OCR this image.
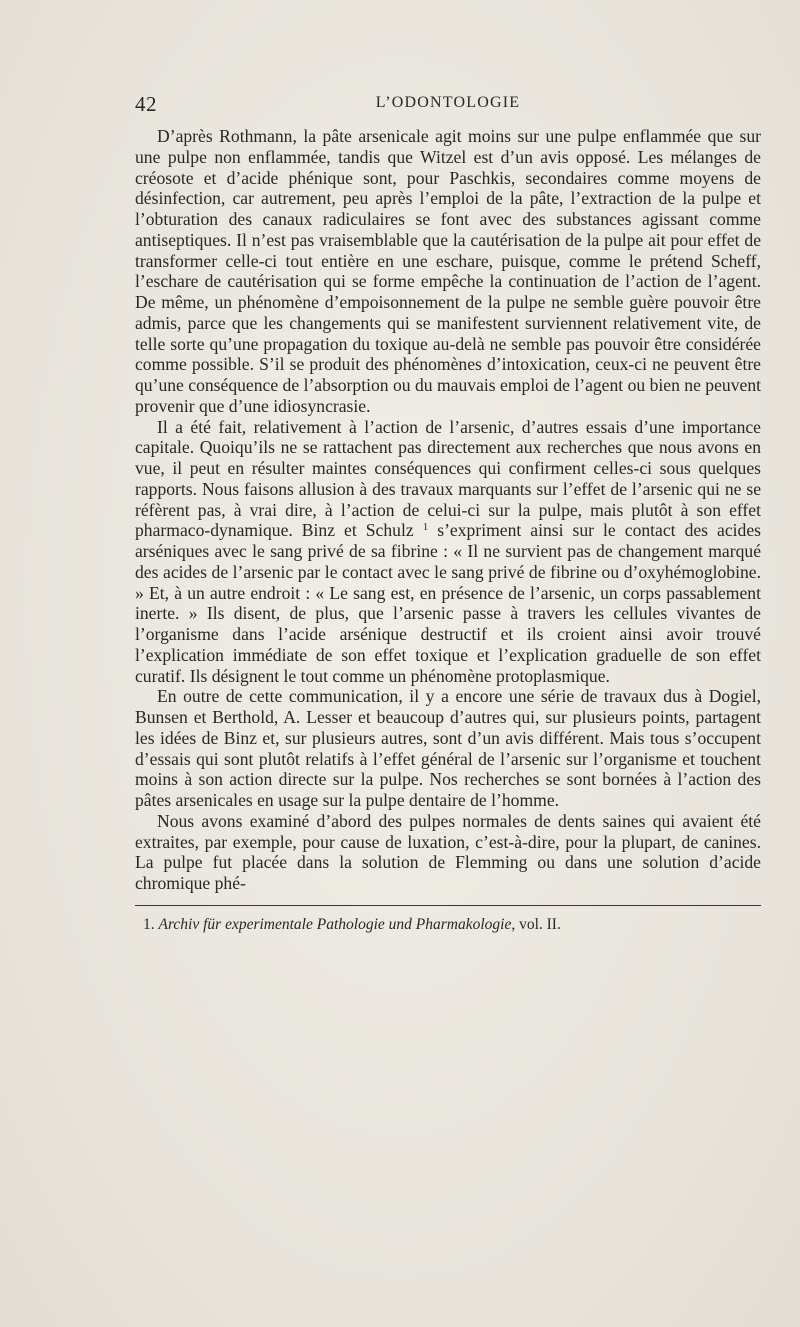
42	L’ODONTOLOGIE

D’après Rothmann, la pâte arsenicale agit moins sur une pulpe enflammée que sur une pulpe non enflammée, tandis que Witzel est d’un avis opposé. Les mélanges de créosote et d’acide phénique sont, pour Paschkis, secondaires comme moyens de désinfection, car autrement, peu après l’emploi de la pâte, l’extraction de la pulpe et l’obturation des canaux radiculaires se font avec des substances agissant comme antiseptiques. Il n’est pas vraisemblable que la cautérisation de la pulpe ait pour effet de transformer celle-ci tout entière en une eschare, puisque, comme le prétend Scheff, l’eschare de cautérisation qui se forme empêche la continuation de l’action de l’agent. De même, un phénomène d’empoisonnement de la pulpe ne semble guère pouvoir être admis, parce que les changements qui se manifestent surviennent relativement vite, de telle sorte qu’une propagation du toxique au-delà ne semble pas pouvoir être considérée comme possible. S’il se produit des phénomènes d’intoxication, ceux-ci ne peuvent être qu’une conséquence de l’absorption ou du mauvais emploi de l’agent ou bien ne peuvent provenir que d’une idiosyncrasie.

Il a été fait, relativement à l’action de l’arsenic, d’autres essais d’une importance capitale. Quoiqu’ils ne se rattachent pas directement aux recherches que nous avons en vue, il peut en résulter maintes conséquences qui confirment celles-ci sous quelques rapports. Nous faisons allusion à des travaux marquants sur l’effet de l’arsenic qui ne se réfèrent pas, à vrai dire, à l’action de celui-ci sur la pulpe, mais plutôt à son effet pharmaco-dynamique. Binz et Schulz $^1$ s’expriment ainsi sur le contact des acides arséniques avec le sang privé de sa fibrine : « Il ne survient pas de changement marqué des acides de l’arsenic par le contact avec le sang privé de fibrine ou d’oxyhémoglobine. » Et, à un autre endroit : « Le sang est, en présence de l’arsenic, un corps passablement inerte. » Ils disent, de plus, que l’arsenic passe à travers les cellules vivantes de l’organisme dans l’acide arsénique destructif et ils croient ainsi avoir trouvé l’explication immédiate de son effet toxique et l’explication graduelle de son effet curatif. Ils désignent le tout comme un phénomène protoplasmique.

En outre de cette communication, il y a encore une série de travaux dus à Dogiel, Bunsen et Berthold, A. Lesser et beaucoup d’autres qui, sur plusieurs points, partagent les idées de Binz et, sur plusieurs autres, sont d’un avis différent. Mais tous s’occupent d’essais qui sont plutôt relatifs à l’effet général de l’arsenic sur l’organisme et touchent moins à son action directe sur la pulpe. Nos recherches se sont bornées à l’action des pâtes arsenicales en usage sur la pulpe dentaire de l’homme.

Nous avons examiné d’abord des pulpes normales de dents saines qui avaient été extraites, par exemple, pour cause de luxation, c’est-à-dire, pour la plupart, de canines. La pulpe fut placée dans la solution de Flemming ou dans une solution d’acide chromique phé-

1. Archiv für experimentale Pathologie und Pharmakologie, vol. II.
